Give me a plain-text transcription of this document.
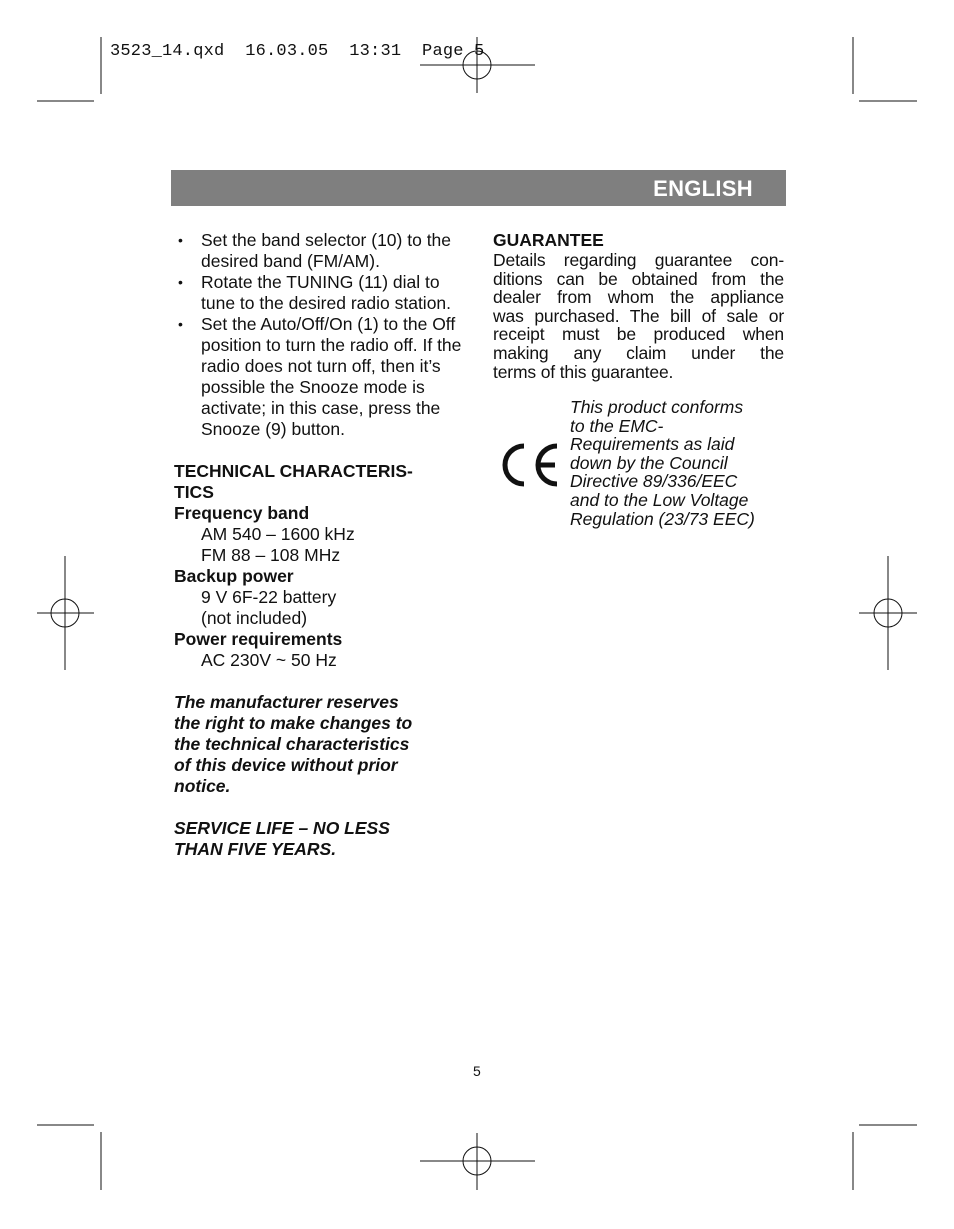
3523_14.qxd  16.03.05  13:31  Page 5
ENGLISH
• Set the band selector (10) to the desired band (FM/AM).
• Rotate the TUNING (11) dial to tune to the desired radio station.
• Set the Auto/Off/On (1) to the Off position to turn the radio off. If the radio does not turn off, then it’s possible the Snooze mode is activate; in this case, press the Snooze (9) button.
TECHNICAL CHARACTERIS-
TICS
Frequency band
AM 540 – 1600 kHz
FM 88 – 108 MHz
Backup power
9 V 6F-22 battery
(not included)
Power requirements
AC 230V ~ 50 Hz
The manufacturer reserves
the right to make changes to
the technical characteristics
of this device without prior
notice.
SERVICE LIFE – NO LESS
THAN FIVE YEARS.
GUARANTEE
Details regarding guarantee con-
ditions can be obtained from the
dealer from whom the appliance
was purchased. The bill of sale or
receipt must be produced when
making any claim under the
terms of this guarantee.
This product conforms
to the EMC-
Requirements as laid
down by the Council
Directive 89/336/EEC
and to the Low Voltage
Regulation (23/73 EEC)
5
